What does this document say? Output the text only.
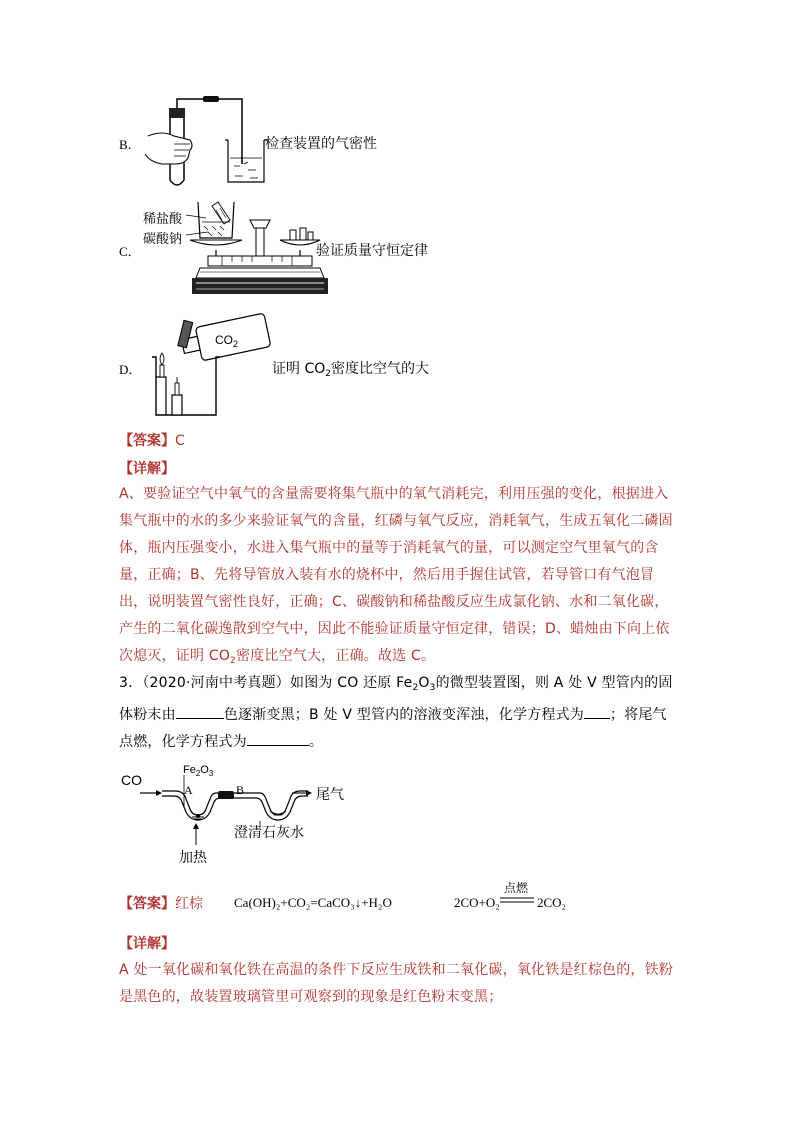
B．	检查装置的气密性
C．
稀盐酸
碳酸钠
验证质量守恒定律
D．
$CO_2$
证明 $CO_2$密度比空气的大
【答案】C
【详解】
A、要验证空气中氧气的含量需要将集气瓶中的氧气消耗完，利用压强的变化，根据进入集气瓶中的水的多少来验证氧气的含量，红磷与氧气反应，消耗氧气，生成五氧化二磷固体，瓶内压强变小，水进入集气瓶中的量等于消耗氧气的量，可以测定空气里氧气的含量，正确；B、先将导管放入装有水的烧杯中，然后用手握住试管，若导管口有气泡冒出，说明装置气密性良好，正确；C、碳酸钠和稀盐酸反应生成氯化钠、水和二氧化碳，产生的二氧化碳逸散到空气中，因此不能验证质量守恒定律，错误；D、蜡烛由下向上依次熄灭，证明 $CO_2$密度比空气大，正确。故选 C。
3．（2020·河南中考真题）如图为 CO 还原 $Fe_2O_3$的微型装置图，则 A 处 V 型管内的固体粉末由	色逐渐变黑；B 处 V 型管内的溶液变浑浊，化学方程式为 ；将尾气点燃，化学方程式为	。
CO
$Fe_2O_3$
A	B	尾气
澄清石灰水
加热
【答案】红棕 Ca(OH)₂+CO₂=CaCO₃↓+H₂O	2CO+O₂
点燃
2CO₂
【详解】
A 处一氧化碳和氧化铁在高温的条件下反应生成铁和二氧化碳，氧化铁是红棕色的，铁粉是黑色的，故装置玻璃管里可观察到的现象是红色粉末变黑；
